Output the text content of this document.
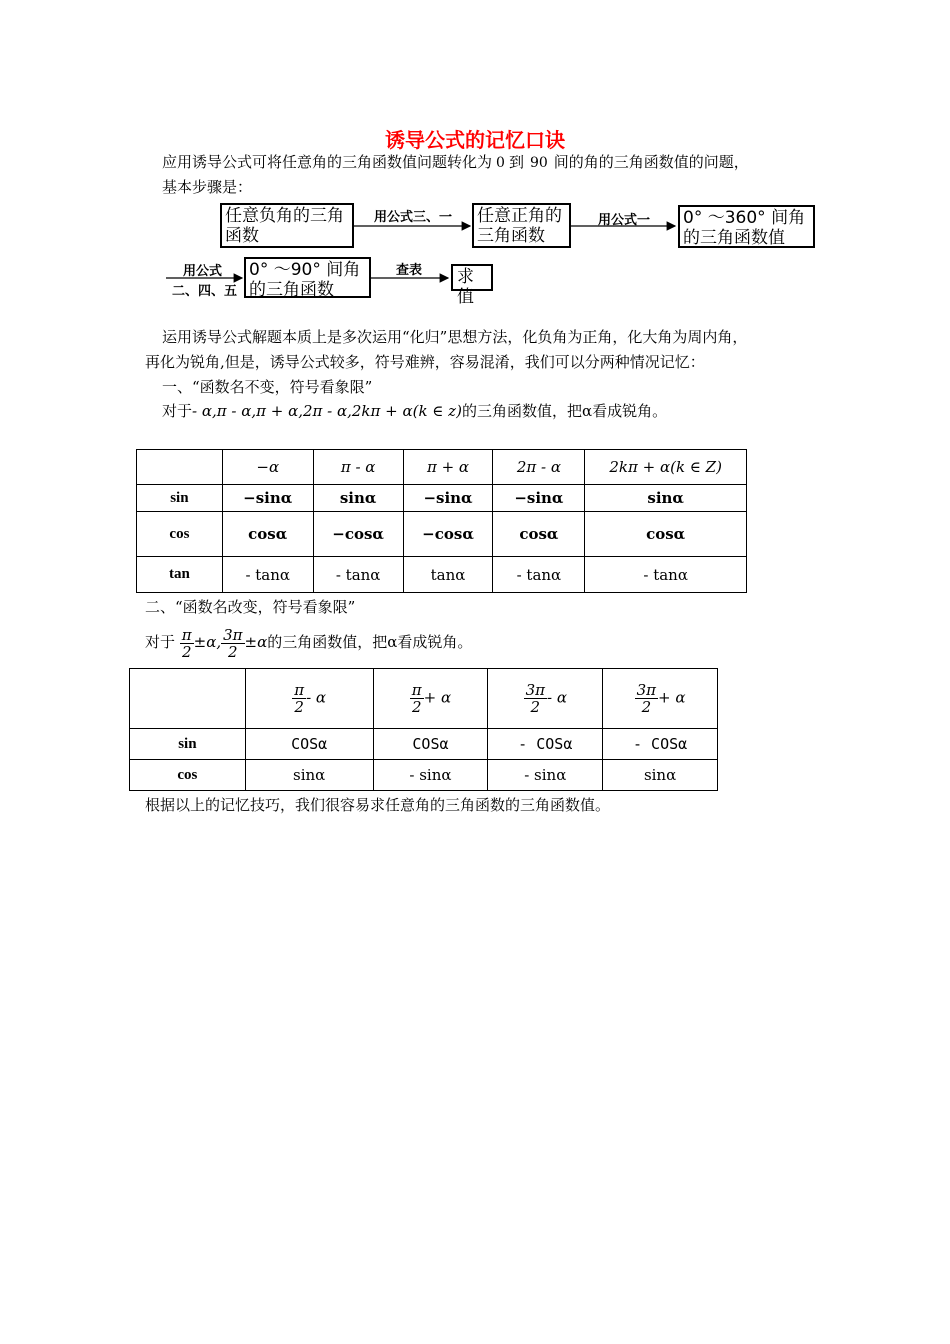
诱导公式的记忆口诀
应用诱导公式可将任意角的三角函数值问题转化为 0 到 90 间的角的三角函数值的问题，
基本步骤是：
任意负角的三角函数
用公式三、一 任意正角的三角函数
用公式一 0° ～360° 间角的三角函数值
用公式
二、四、五
0° ～90° 间角的三角函数
查表	求值
运用诱导公式解题本质上是多次运用“化归”思想方法，化负角为正角，化大角为周内角，
再化为锐角,但是，诱导公式较多，符号难辨，容易混淆，我们可以分两种情况记忆：
一、“函数名不变，符号看象限”
对于- α,π - α,π + α,2π - α,2kπ + α(k ∈ z)的三角函数值，把α看成锐角。
	−α	π - α	π + α	2π - α	2kπ + α(k ∈ Z)
sin	−sinα	sinα	−sinα	−sinα	sinα
cos	cosα	−cosα	−cosα	cosα	cosα
tan	- tanα	- tanα	tanα	- tanα	- tanα
二、“函数名改变，符号看象限”
对于 $\frac{\pi}{2} \pm\alpha$, $\frac{3\pi}{2} \pm\alpha$的三角函数值，把α看成锐角。

	$\frac{\pi}{2}$ - α	$\frac{\pi}{2} + \alpha$	$\frac{3\pi}{2}$ - α	$\frac{3\pi}{2} + \alpha$
sin	COSα	COSα	- COSα	- COSα
cos	sinα	- sinα	- sinα	sinα
根据以上的记忆技巧，我们很容易求任意角的三角函数的三角函数值。
